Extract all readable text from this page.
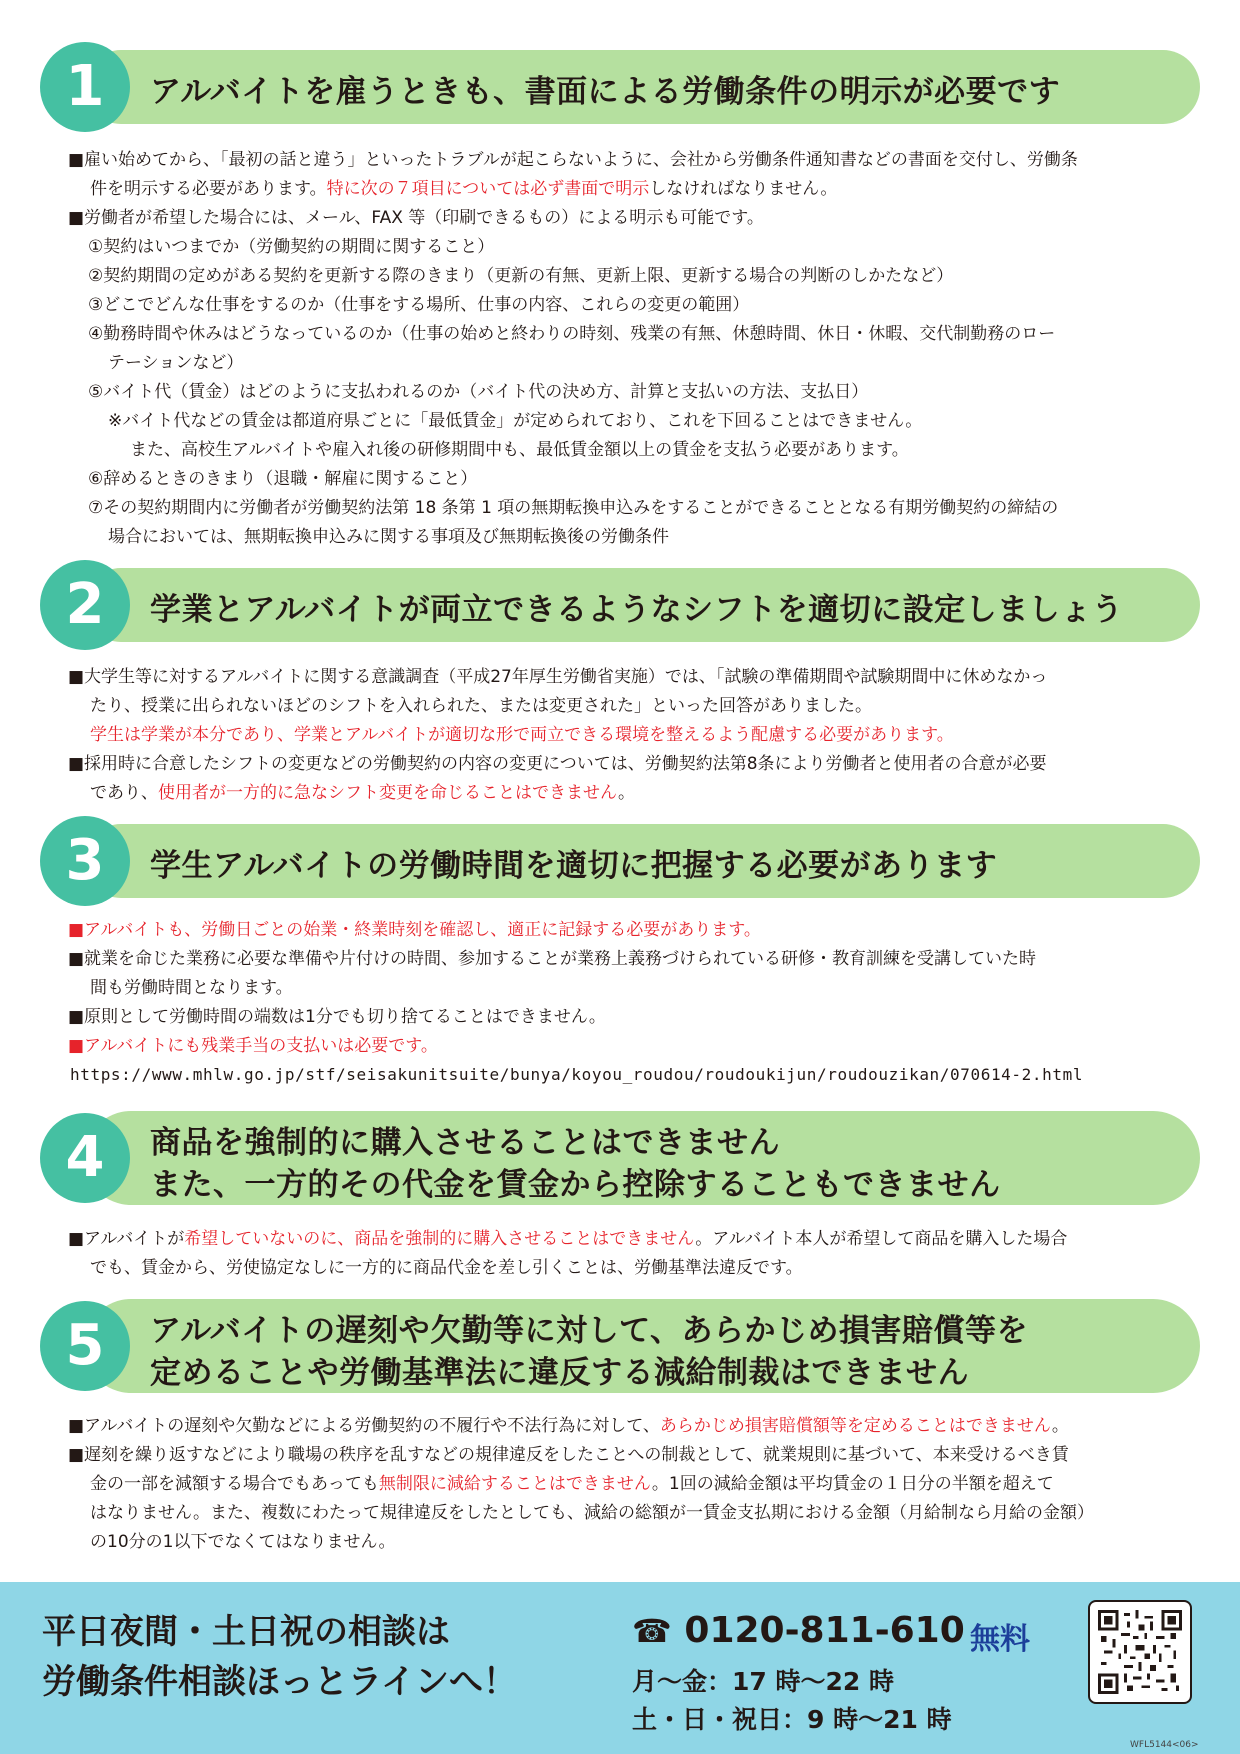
1	アルバイトを雇うときも、書面による労働条件の明示が必要です
■雇い始めてから、「最初の話と違う」といったトラブルが起こらないように、会社から労働条件通知書などの書面を交付し、労働条
件を明示する必要があります。特に次の７項目については必ず書面で明示しなければなりません。
■労働者が希望した場合には、メール、FAX 等（印刷できるもの）による明示も可能です。
①契約はいつまでか（労働契約の期間に関すること）
②契約期間の定めがある契約を更新する際のきまり（更新の有無、更新上限、更新する場合の判断のしかたなど）
③どこでどんな仕事をするのか（仕事をする場所、仕事の内容、これらの変更の範囲）
④勤務時間や休みはどうなっているのか（仕事の始めと終わりの時刻、残業の有無、休憩時間、休日・休暇、交代制勤務のロー
テーションなど）
⑤バイト代（賃金）はどのように支払われるのか（バイト代の決め方、計算と支払いの方法、支払日）
※バイト代などの賃金は都道府県ごとに「最低賃金」が定められており、これを下回ることはできません。
また、高校生アルバイトや雇入れ後の研修期間中も、最低賃金額以上の賃金を支払う必要があります。
⑥辞めるときのきまり（退職・解雇に関すること）
⑦その契約期間内に労働者が労働契約法第 18 条第 1 項の無期転換申込みをすることができることとなる有期労働契約の締結の
場合においては、無期転換申込みに関する事項及び無期転換後の労働条件
2	学業とアルバイトが両立できるようなシフトを適切に設定しましょう
■大学生等に対するアルバイトに関する意識調査（平成27年厚生労働省実施）では、「試験の準備期間や試験期間中に休めなかっ
たり、授業に出られないほどのシフトを入れられた、または変更された」といった回答がありました。
学生は学業が本分であり、学業とアルバイトが適切な形で両立できる環境を整えるよう配慮する必要があります。
■採用時に合意したシフトの変更などの労働契約の内容の変更については、労働契約法第8条により労働者と使用者の合意が必要
であり、使用者が一方的に急なシフト変更を命じることはできません。
3	学生アルバイトの労働時間を適切に把握する必要があります
■アルバイトも、労働日ごとの始業・終業時刻を確認し、適正に記録する必要があります。
■就業を命じた業務に必要な準備や片付けの時間、参加することが業務上義務づけられている研修・教育訓練を受講していた時
間も労働時間となります。
■原則として労働時間の端数は1分でも切り捨てることはできません。
■アルバイトにも残業手当の支払いは必要です。
https://www.mhlw.go.jp/stf/seisakunitsuite/bunya/koyou_roudou/roudoukijun/roudouzikan/070614-2.html
4	商品を強制的に購入させることはできません
また、一方的その代金を賃金から控除することもできません
■アルバイトが希望していないのに、商品を強制的に購入させることはできません。アルバイト本人が希望して商品を購入した場合
でも、賃金から、労使協定なしに一方的に商品代金を差し引くことは、労働基準法違反です。
5	アルバイトの遅刻や欠勤等に対して、あらかじめ損害賠償等を
定めることや労働基準法に違反する減給制裁はできません
■アルバイトの遅刻や欠勤などによる労働契約の不履行や不法行為に対して、あらかじめ損害賠償額等を定めることはできません。
■遅刻を繰り返すなどにより職場の秩序を乱すなどの規律違反をしたことへの制裁として、就業規則に基づいて、本来受けるべき賃
金の一部を減額する場合でもあっても無制限に減給することはできません。1回の減給金額は平均賃金の１日分の半額を超えて
はなりません。また、複数にわたって規律違反をしたとしても、減給の総額が一賃金支払期における金額（月給制なら月給の金額）
の10分の1以下でなくてはなりません。
平日夜間・土日祝の相談は
労働条件相談ほっとラインへ！
☎ 0120-811-610 無料
月～金：17 時～22 時
土・日・祝日：9 時～21 時
WFL5144<06>
